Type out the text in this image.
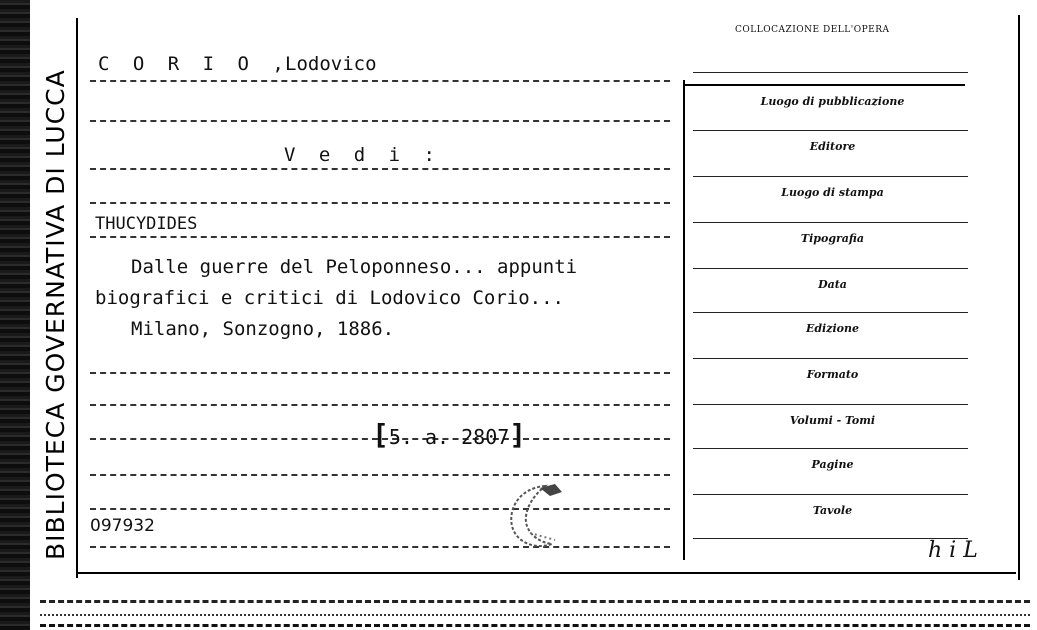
BIBLIOTECA GOVERNATIVA DI LUCCA
C O R I O ,
Lodovico
V e d i :
THUCYDIDES
Dalle guerre del Peloponneso... appunti
biografici e critici di Lodovico Corio...
Milano, Sonzogno, 1886.
[5. a. 2807]
097932
COLLOCAZIONE DELL'OPERA
Luogo di pubblicazione
Editore
Luogo di stampa
Tipografia
Data
Edizione
Formato
Volumi - Tomi
Pagine
Tavole
h i L
